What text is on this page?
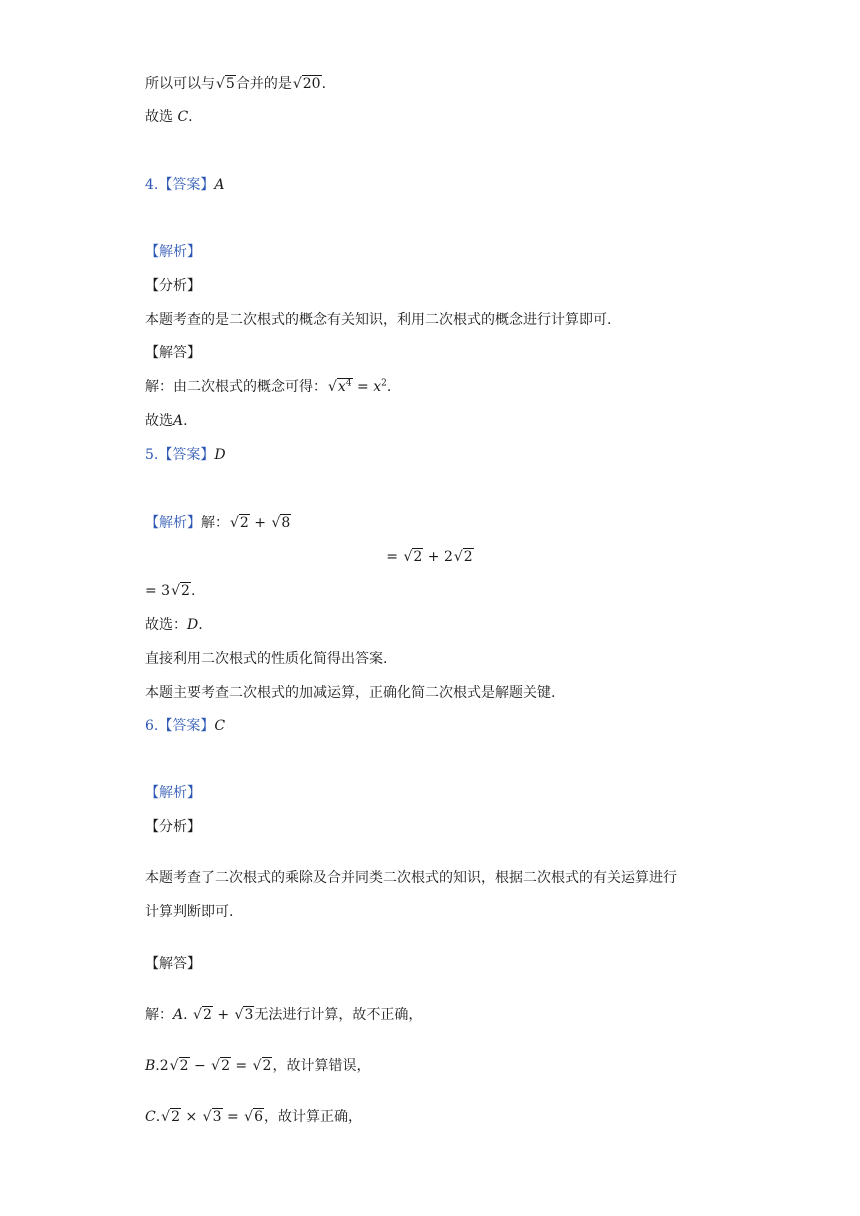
所以可以与√5合并的是√20.
故选 C.
4.【答案】A
【解析】
【分析】
本题考查的是二次根式的概念有关知识，利用二次根式的概念进行计算即可.
【解答】
解：由二次根式的概念可得：$√x^4 = x^2$.
故选A.
5.【答案】D
【解析】解：√2 + √8
= √2 + 2√2
= 3√2.
故选：D.
直接利用二次根式的性质化简得出答案.
本题主要考查二次根式的加减运算，正确化简二次根式是解题关键.
6.【答案】C
【解析】
【分析】
本题考查了二次根式的乘除及合并同类二次根式的知识，根据二次根式的有关运算进行
计算判断即可.
【解答】
解：A. √2 + √3无法进行计算，故不正确，
B.2√2 − √2 = √2，故计算错误，
C.√2 × √3 = √6，故计算正确，
